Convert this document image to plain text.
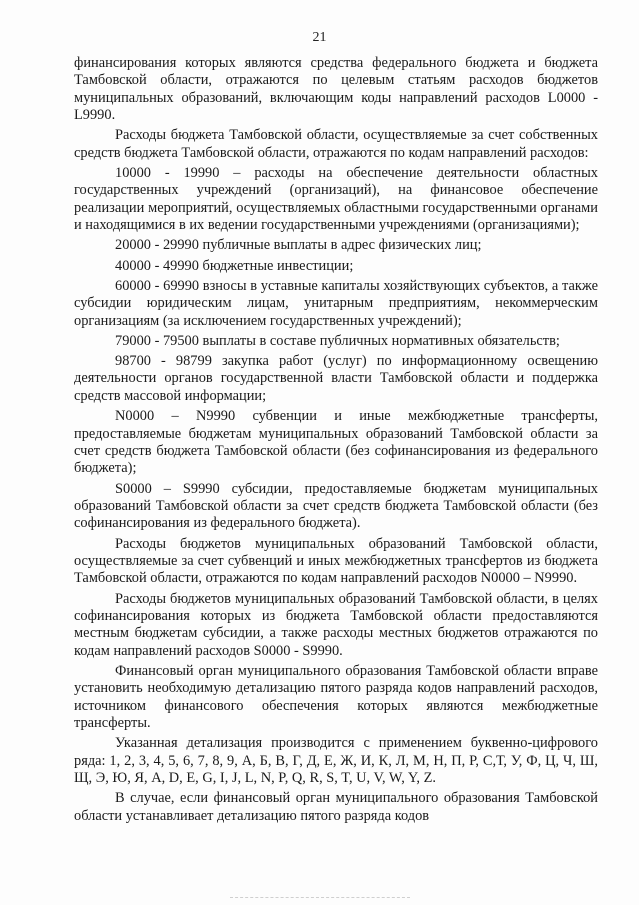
21

финансирования которых являются средства федерального бюджета и бюджета Тамбовской области, отражаются по целевым статьям расходов бюджетов муниципальных образований, включающим коды направлений расходов L0000 - L9990.

Расходы бюджета Тамбовской области, осуществляемые за счет собственных средств бюджета Тамбовской области, отражаются по кодам направлений расходов:

10000 - 19990 – расходы на обеспечение деятельности областных государственных учреждений (организаций), на финансовое обеспечение реализации мероприятий, осуществляемых областными государственными органами и находящимися в их ведении государственными учреждениями (организациями);

20000 - 29990 публичные выплаты в адрес физических лиц;

40000 - 49990 бюджетные инвестиции;

60000 - 69990 взносы в уставные капиталы хозяйствующих субъектов, а также субсидии юридическим лицам, унитарным предприятиям, некоммерческим организациям (за исключением государственных учреждений);

79000 - 79500 выплаты в составе публичных нормативных обязательств;

98700 - 98799 закупка работ (услуг) по информационному освещению деятельности органов государственной власти Тамбовской области и поддержка средств массовой информации;

N0000 – N9990 субвенции и иные межбюджетные трансферты, предоставляемые бюджетам муниципальных образований Тамбовской области за счет средств бюджета Тамбовской области (без софинансирования из федерального бюджета);

S0000 – S9990 субсидии, предоставляемые бюджетам муниципальных образований Тамбовской области за счет средств бюджета Тамбовской области (без софинансирования из федерального бюджета).

Расходы бюджетов муниципальных образований Тамбовской области, осуществляемые за счет субвенций и иных межбюджетных трансфертов из бюджета Тамбовской области, отражаются по кодам направлений расходов N0000 – N9990.

Расходы бюджетов муниципальных образований Тамбовской области, в целях софинансирования которых из бюджета Тамбовской области предоставляются местным бюджетам субсидии, а также расходы местных бюджетов отражаются по кодам направлений расходов S0000 - S9990.

Финансовый орган муниципального образования Тамбовской области вправе установить необходимую детализацию пятого разряда кодов направлений расходов, источником финансового обеспечения которых являются межбюджетные трансферты.

Указанная детализация производится с применением буквенно-цифрового ряда: 1, 2, 3, 4, 5, 6, 7, 8, 9, А, Б, В, Г, Д, Е, Ж, И, К, Л, М, Н, П, Р, С,Т, У, Ф, Ц, Ч, Ш, Щ, Э, Ю, Я, A, D, E, G, I, J, L, N, P, Q, R, S, T, U, V, W, Y, Z.

В случае, если финансовый орган муниципального образования Тамбовской области устанавливает детализацию пятого разряда кодов
